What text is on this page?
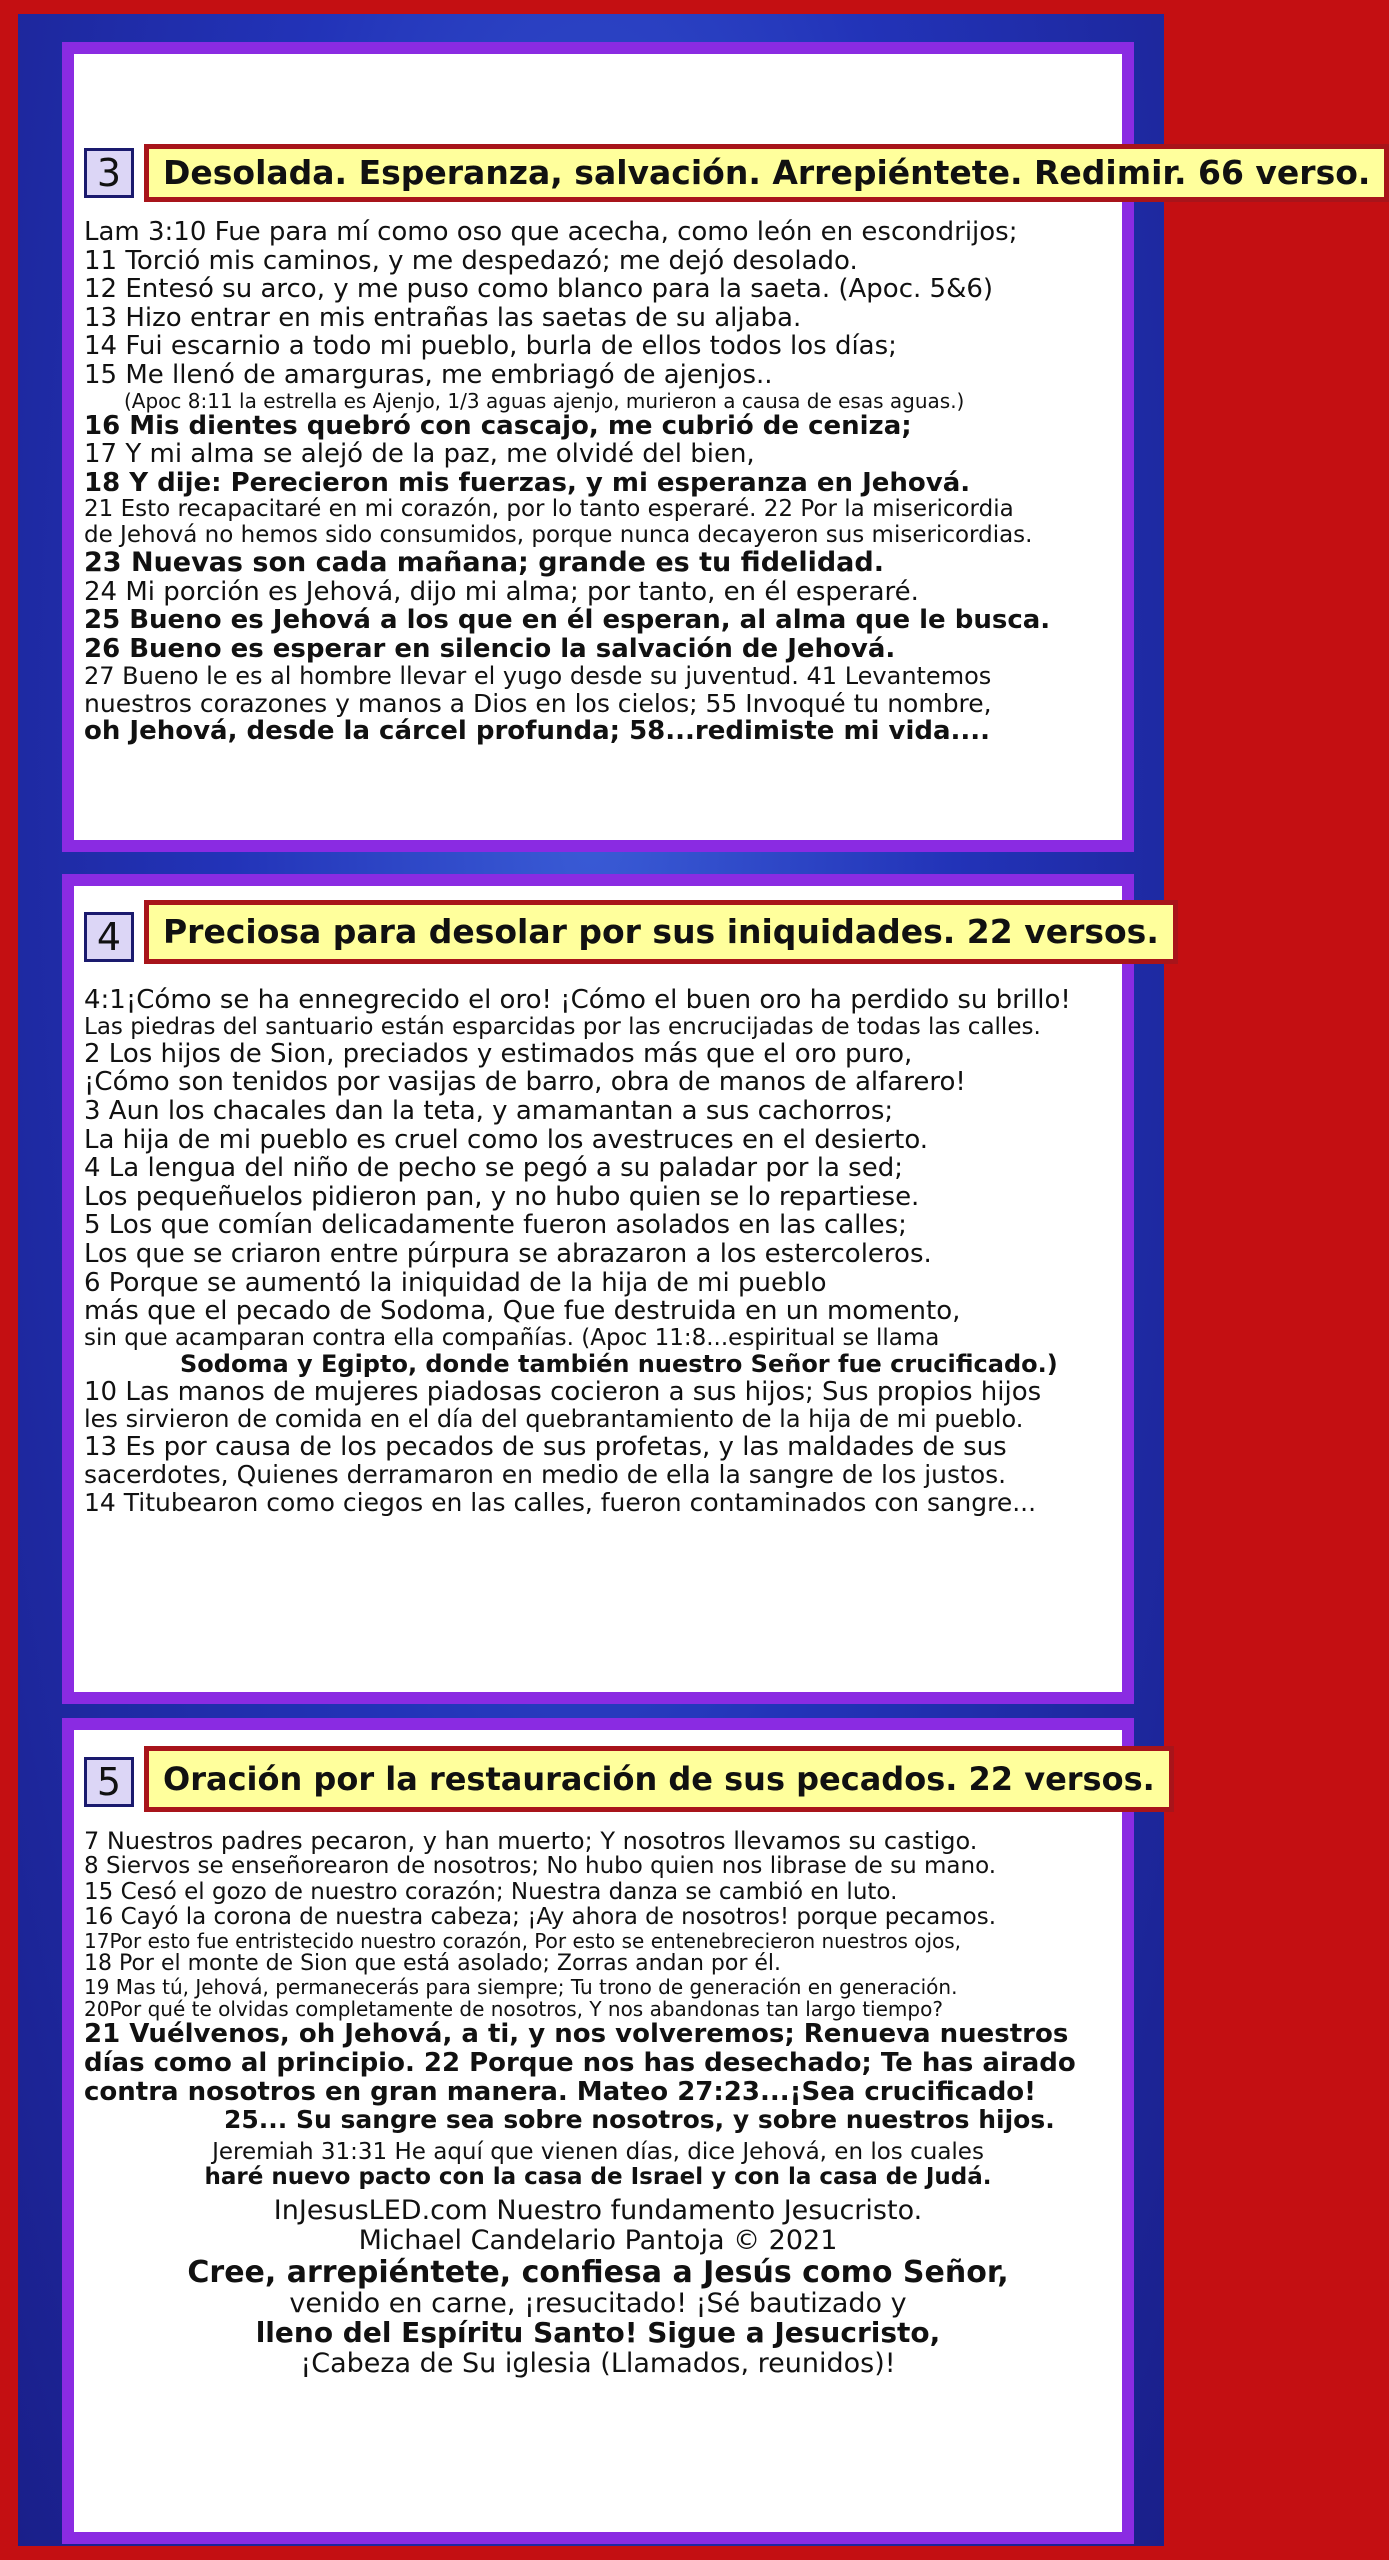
3	Desolada. Esperanza, salvación. Arrepiéntete. Redimir. 66 verso.
Lam 3:10 Fue para mí como oso que acecha, como león en escondrijos;
11 Torció mis caminos, y me despedazó; me dejó desolado.
12 Entesó su arco, y me puso como blanco para la saeta. (Apoc. 5&6)
13 Hizo entrar en mis entrañas las saetas de su aljaba.
14 Fui escarnio a todo mi pueblo, burla de ellos todos los días;
15 Me llenó de amarguras, me embriagó de ajenjos..
(Apoc 8:11 la estrella es Ajenjo, 1/3 aguas ajenjo, murieron a causa de esas aguas.)
16 Mis dientes quebró con cascajo, me cubrió de ceniza;
17 Y mi alma se alejó de la paz, me olvidé del bien,
18 Y dije: Perecieron mis fuerzas, y mi esperanza en Jehová.
21 Esto recapacitaré en mi corazón, por lo tanto esperaré. 22 Por la misericordia
de Jehová no hemos sido consumidos, porque nunca decayeron sus misericordias.
23 Nuevas son cada mañana; grande es tu fidelidad.
24 Mi porción es Jehová, dijo mi alma; por tanto, en él esperaré.
25 Bueno es Jehová a los que en él esperan, al alma que le busca.
26 Bueno es esperar en silencio la salvación de Jehová.
27 Bueno le es al hombre llevar el yugo desde su juventud. 41 Levantemos
nuestros corazones y manos a Dios en los cielos; 55 Invoqué tu nombre,
oh Jehová, desde la cárcel profunda; 58...redimiste mi vida....
4	Preciosa para desolar por sus iniquidades. 22 versos.
4:1¡Cómo se ha ennegrecido el oro! ¡Cómo el buen oro ha perdido su brillo!
Las piedras del santuario están esparcidas por las encrucijadas de todas las calles.
2 Los hijos de Sion, preciados y estimados más que el oro puro,
¡Cómo son tenidos por vasijas de barro, obra de manos de alfarero!
3 Aun los chacales dan la teta, y amamantan a sus cachorros;
La hija de mi pueblo es cruel como los avestruces en el desierto.
4 La lengua del niño de pecho se pegó a su paladar por la sed;
Los pequeñuelos pidieron pan, y no hubo quien se lo repartiese.
5 Los que comían delicadamente fueron asolados en las calles;
Los que se criaron entre púrpura se abrazaron a los estercoleros.
6 Porque se aumentó la iniquidad de la hija de mi pueblo
más que el pecado de Sodoma, Que fue destruida en un momento,
sin que acamparan contra ella compañías. (Apoc 11:8...espiritual se llama
Sodoma y Egipto, donde también nuestro Señor fue crucificado.)
10 Las manos de mujeres piadosas cocieron a sus hijos; Sus propios hijos
les sirvieron de comida en el día del quebrantamiento de la hija de mi pueblo.
13 Es por causa de los pecados de sus profetas, y las maldades de sus
sacerdotes, Quienes derramaron en medio de ella la sangre de los justos.
14 Titubearon como ciegos en las calles, fueron contaminados con sangre...
5	Oración por la restauración de sus pecados. 22 versos.
7 Nuestros padres pecaron, y han muerto; Y nosotros llevamos su castigo.
8 Siervos se enseñorearon de nosotros; No hubo quien nos librase de su mano.
15 Cesó el gozo de nuestro corazón; Nuestra danza se cambió en luto.
16 Cayó la corona de nuestra cabeza; ¡Ay ahora de nosotros! porque pecamos.
17Por esto fue entristecido nuestro corazón, Por esto se entenebrecieron nuestros ojos,
18 Por el monte de Sion que está asolado; Zorras andan por él.
19 Mas tú, Jehová, permanecerás para siempre; Tu trono de generación en generación.
20Por qué te olvidas completamente de nosotros, Y nos abandonas tan largo tiempo?
21 Vuélvenos, oh Jehová, a ti, y nos volveremos; Renueva nuestros
días como al principio. 22 Porque nos has desechado; Te has airado
contra nosotros en gran manera. Mateo 27:23...¡Sea crucificado!
25... Su sangre sea sobre nosotros, y sobre nuestros hijos.
Jeremiah 31:31 He aquí que vienen días, dice Jehová, en los cuales
haré nuevo pacto con la casa de Israel y con la casa de Judá.
InJesusLED.com Nuestro fundamento Jesucristo.
Michael Candelario Pantoja © 2021
Cree, arrepiéntete, confiesa a Jesús como Señor,
venido en carne, ¡resucitado! ¡Sé bautizado y
lleno del Espíritu Santo! Sigue a Jesucristo,
¡Cabeza de Su iglesia (Llamados, reunidos)!
